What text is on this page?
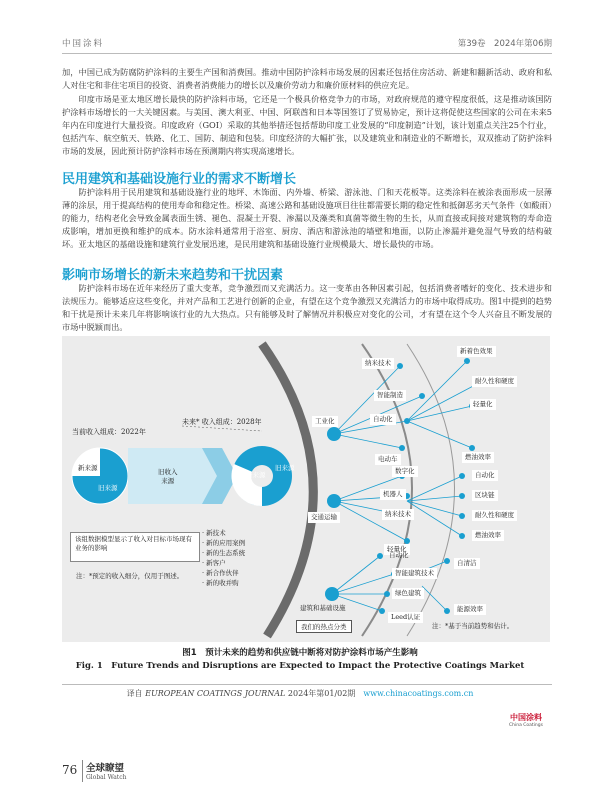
中国涂料	第39卷　2024年第06期

加，中国已成为防腐防护涂料的主要生产国和消费国。推动中国防护涂料市场发展的因素还包括住房活动、新建和翻新活动、政府和私人对住宅和非住宅项目的投资、消费者消费能力的增长以及廉价劳动力和廉价原材料的供应充足。

印度市场是亚太地区增长最快的防护涂料市场，它还是一个极具价格竞争力的市场，对政府规范的遵守程度很低，这是推动该国防护涂料市场增长的一大关键因素。与美国、澳大利亚、中国、阿联酋和日本等国签订了贸易协定，预计这将促使这些国家的公司在未来5年内在印度进行大量投资。印度政府（GOI）采取的其他举措还包括帮助印度工业发展的“印度制造”计划，该计划重点关注25个行业，包括汽车、航空航天、铁路、化工、国防、制造和包装。印度经济的大幅扩张，以及建筑业和制造业的不断增长，双双推动了防护涂料市场的发展，因此预计防护涂料市场在预测期内将实现高速增长。

民用建筑和基础设施行业的需求不断增长

防护涂料用于民用建筑和基础设施行业的地坪、木饰面、内外墙、桥梁、游泳池、门和天花板等。这类涂料在被涂表面形成一层薄薄的涂层，用于提高结构的使用寿命和稳定性。桥梁、高速公路和基础设施项目往往都需要长期的稳定性和抵御恶劣天气条件（如酸雨）的能力，结构老化会导致金属表面生锈、褪色、混凝土开裂、渗漏以及藻类和真菌等微生物的生长，从而直接或间接对建筑物的寿命造成影响，增加更换和维护的成本。防水涂料通常用于浴室、厨房、酒店和游泳池的墙壁和地面，以防止渗漏并避免湿气导致的结构破坏。亚太地区的基础设施和建筑行业发展迅速，是民用建筑和基础设施行业规模最大、增长最快的市场。

影响市场增长的新未来趋势和干扰因素

防护涂料市场在近年来经历了重大变革，竞争激烈而又充满活力。这一变革由各种因素引起，包括消费者嗜好的变化、技术进步和法规压力。能够适应这些变化，并对产品和工艺进行创新的企业，有望在这个竞争激烈又充满活力的市场中取得成功。图1中提到的趋势和干扰是预计未来几年将影响该行业的九大热点。只有能够及时了解情况并积极应对变化的公司，才有望在这个令人兴奋且不断发展的市场中脱颖而出。

当前收入组成：2022年
未来* 收入组成：2028年
新来源
旧来源
旧收入
来源
新来源
旧来源
该组数据模型显示了收入对目标市场现有业务的影响
注：*预定的收入细分，仅用于图述。
· 新技术
· 新的应用案例
· 新的生态系统
· 新客户
· 新合作伙伴
· 新的收并购
工业化
交通运输
建筑和基础设施
纳米技术
智能制造
自动化
电动车
新着色效果
耐久性和硬度
轻量化
燃油效率
数字化
机器人
纳米技术
轻量化
自动化
区块链
耐久性和硬度
燃油效率
自动化
智能建筑技术
绿色建筑
Leed认证
自清洁
能源效率
我们的热点分类	注：*基于当前趋势和估计。
图1　预计未来的趋势和供应链中断将对防护涂料市场产生影响
Fig. 1　Future Trends and Disruptions are Expected to Impact the Protective Coatings Market
译自 EUROPEAN COATINGS JOURNAL 2024年第01/02期　www.chinacoatings.com.cn
中国涂料
China Coatings
76 全球瞭望
Global Watch
